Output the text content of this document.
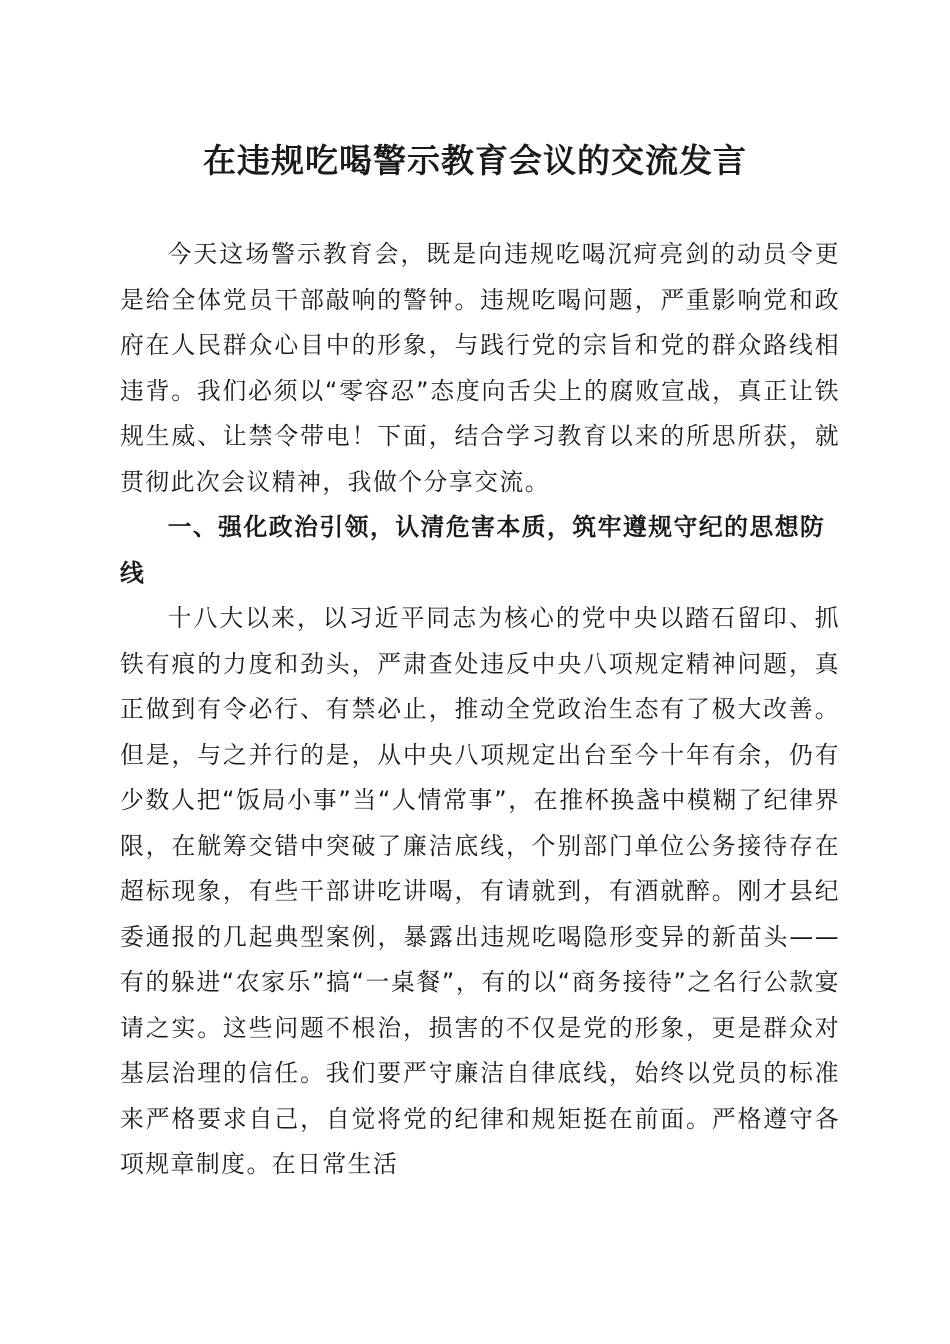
在违规吃喝警示教育会议的交流发言

今天这场警示教育会，既是向违规吃喝沉疴亮剑的动员令更是给全体党员干部敲响的警钟。违规吃喝问题，严重影响党和政府在人民群众心目中的形象，与践行党的宗旨和党的群众路线相违背。我们必须以“零容忍”态度向舌尖上的腐败宣战，真正让铁规生威、让禁令带电！下面，结合学习教育以来的所思所获，就贯彻此次会议精神，我做个分享交流。

一、强化政治引领，认清危害本质，筑牢遵规守纪的思想防线

十八大以来，以习近平同志为核心的党中央以踏石留印、抓铁有痕的力度和劲头，严肃查处违反中央八项规定精神问题，真正做到有令必行、有禁必止，推动全党政治生态有了极大改善。但是，与之并行的是，从中央八项规定出台至今十年有余，仍有少数人把“饭局小事”当“人情常事”，在推杯换盏中模糊了纪律界限，在觥筹交错中突破了廉洁底线，个别部门单位公务接待存在超标现象，有些干部讲吃讲喝，有请就到，有酒就醉。刚才县纪委通报的几起典型案例，暴露出违规吃喝隐形变异的新苗头——有的躲进“农家乐”搞“一桌餐”，有的以“商务接待”之名行公款宴请之实。这些问题不根治，损害的不仅是党的形象，更是群众对基层治理的信任。我们要严守廉洁自律底线，始终以党员的标准来严格要求自己，自觉将党的纪律和规矩挺在前面。严格遵守各项规章制度。在日常生活
